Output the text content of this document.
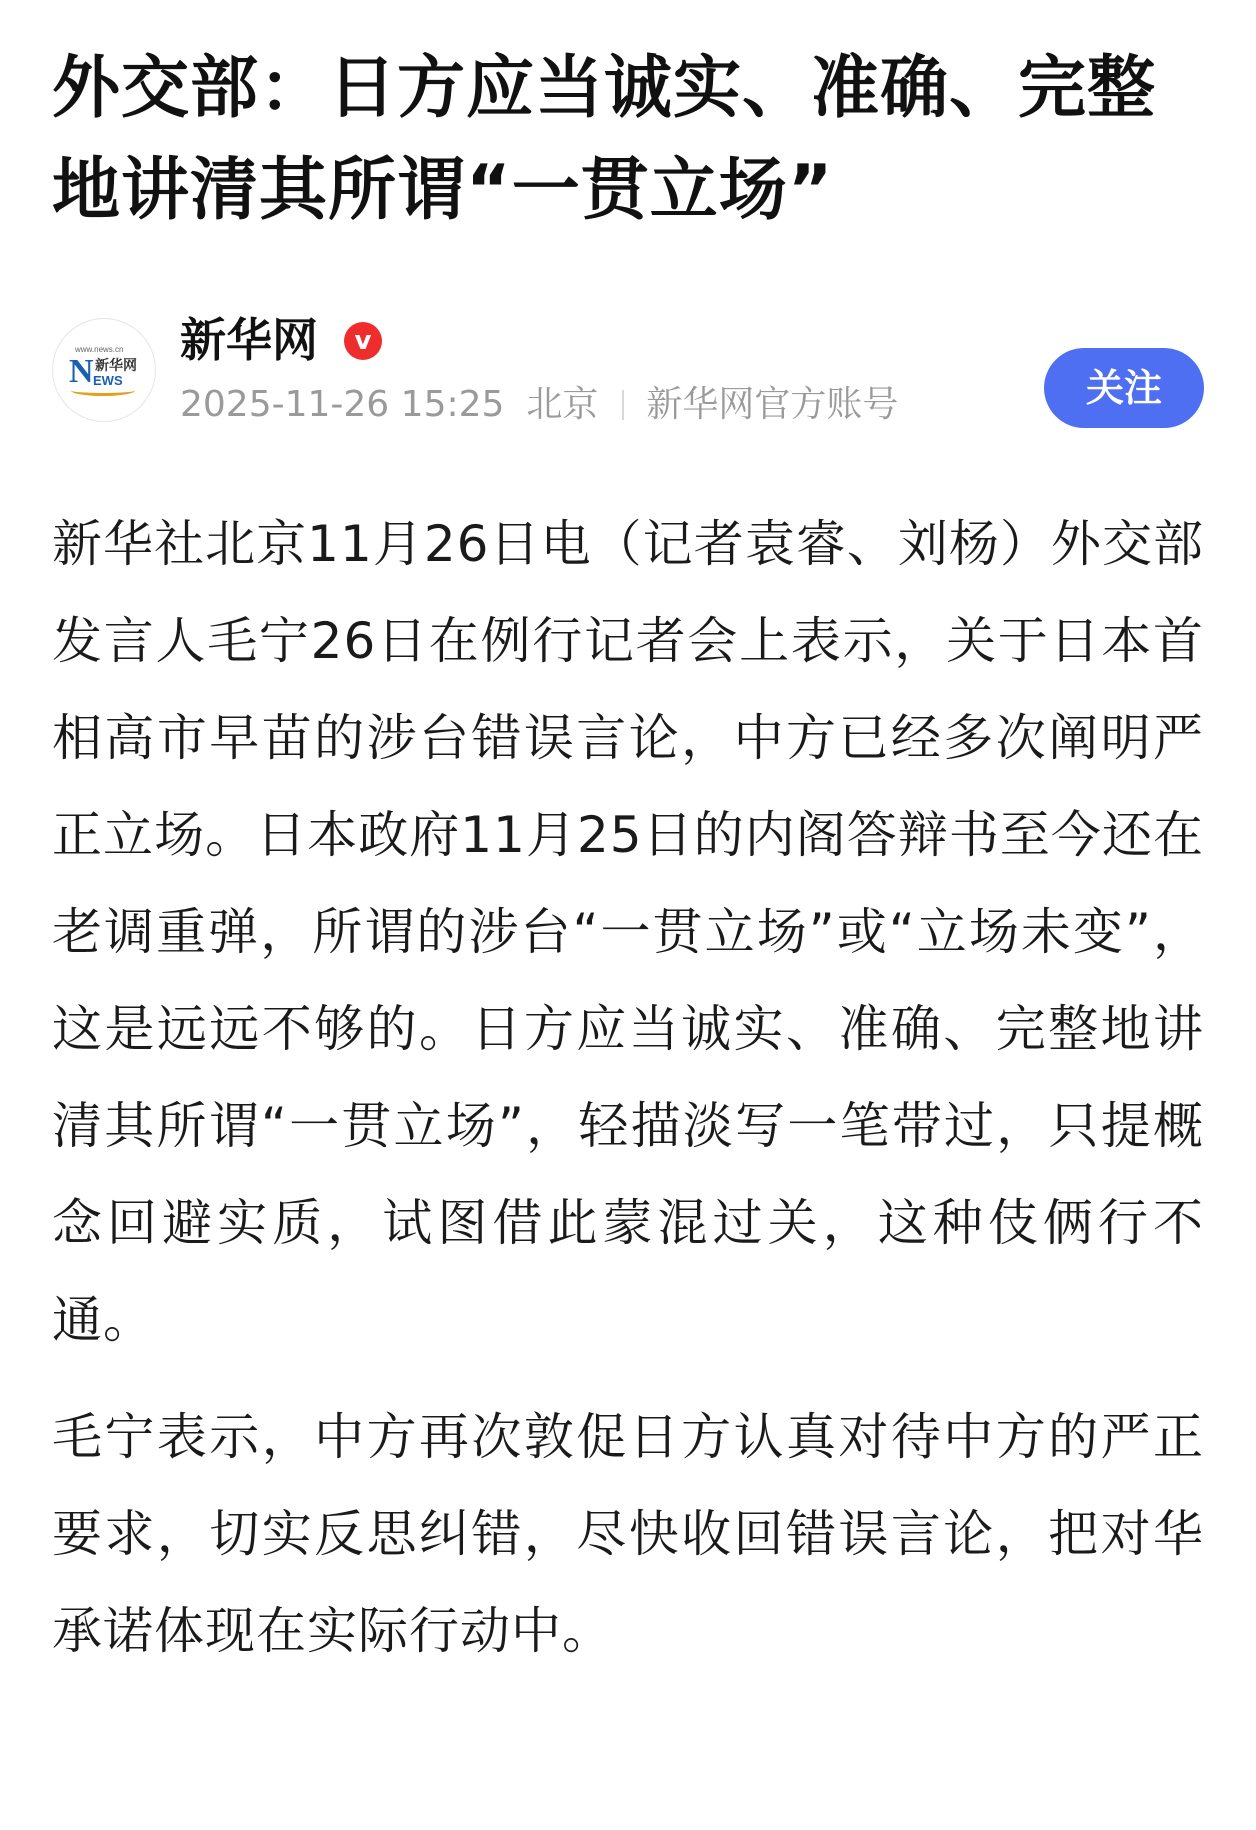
外交部：日方应当诚实、准确、完整地讲清其所谓“一贯立场”
www.news.cn
N 新华网
EWS
新华网	v
2025-11-26 15:25 北京 新华网官方账号	关注

新华社北京11月26日电（记者袁睿、刘杨）外交部发言人毛宁26日在例行记者会上表示，关于日本首相高市早苗的涉台错误言论，中方已经多次阐明严正立场。日本政府11月25日的内阁答辩书至今还在老调重弹，所谓的涉台“一贯立场”或“立场未变”，这是远远不够的。日方应当诚实、准确、完整地讲清其所谓“一贯立场”，轻描淡写一笔带过，只提概念回避实质，试图借此蒙混过关，这种伎俩行不通。

毛宁表示，中方再次敦促日方认真对待中方的严正要求，切实反思纠错，尽快收回错误言论，把对华承诺体现在实际行动中。
